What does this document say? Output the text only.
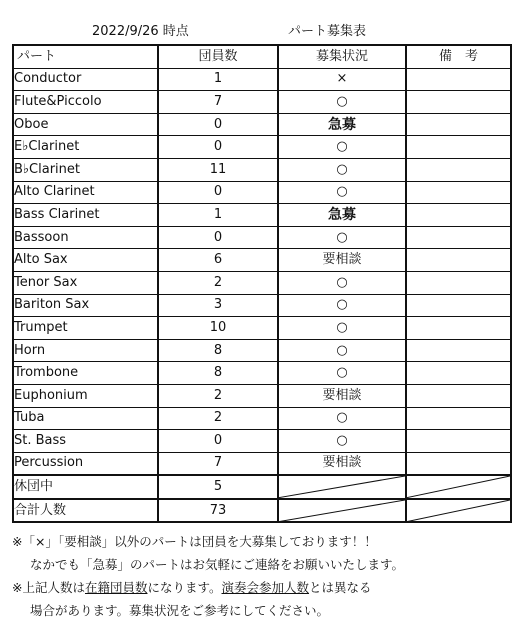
2022/9/26 時点	パート募集表
パート	団員数	募集状況	備　考
Conductor	1	×	
Flute&Piccolo	7	○	
Oboe	0	急募	
E♭Clarinet	0	○	
B♭Clarinet	11	○	
Alto Clarinet	0	○	
Bass Clarinet	1	急募	
Bassoon	0	○	
Alto Sax	6	要相談	
Tenor Sax	2	○	
Bariton Sax	3	○	
Trumpet	10	○	
Horn	8	○	
Trombone	8	○	
Euphonium	2	要相談	
Tuba	2	○	
St. Bass	0	○	
Percussion	7	要相談	
休団中	5	

合計人数	73	

※「×」「要相談」以外のパートは団員を大募集しております！！
なかでも「急募」のパートはお気軽にご連絡をお願いいたします。
※上記人数は在籍団員数になります。演奏会参加人数とは異なる
場合があります。募集状況をご参考にしてください。
